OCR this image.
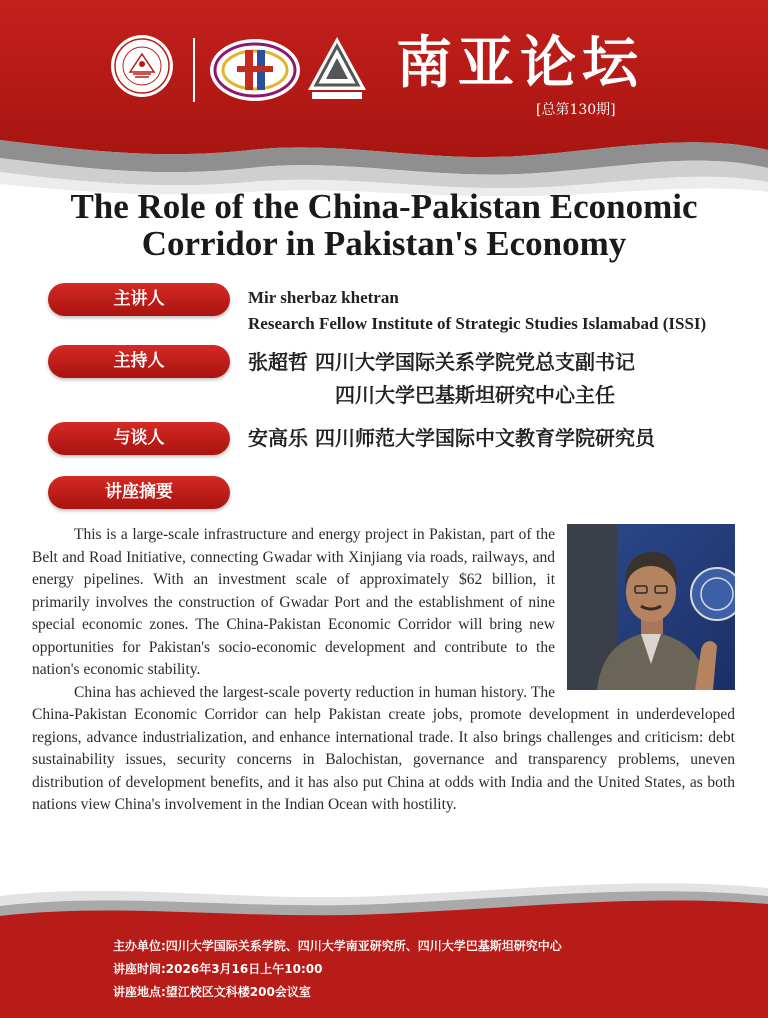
南亚论坛
[总第130期]
The Role of the China-Pakistan Economic
Corridor in Pakistan's Economy
主讲人	Mir sherbaz khetran
Research Fellow Institute of Strategic Studies Islamabad (ISSI)
主持人	张超哲 四川大学国际关系学院党总支副书记
四川大学巴基斯坦研究中心主任
与谈人	安高乐 四川师范大学国际中文教育学院研究员
讲座摘要

This is a large-scale infrastructure and energy project in Pakistan, part of the Belt and Road Initiative, connecting Gwadar with Xinjiang via roads, railways, and energy pipelines. With an investment scale of approximately $62 billion, it primarily involves the construction of Gwadar Port and the establishment of nine special economic zones. The China-Pakistan Economic Corridor will bring new opportunities for Pakistan's socio-economic development and contribute to the nation's economic stability.

China has achieved the largest-scale poverty reduction in human history. The China-Pakistan Economic Corridor can help Pakistan create jobs, promote development in underdeveloped regions, advance industrialization, and enhance international trade. It also brings challenges and criticism: debt sustainability issues, security concerns in Balochistan, governance and transparency problems, uneven distribution of development benefits, and it has also put China at odds with India and the United States, as both nations view China's involvement in the Indian Ocean with hostility.

主办单位:四川大学国际关系学院、四川大学南亚研究所、四川大学巴基斯坦研究中心
讲座时间:2026年3月16日上午10:00
讲座地点:望江校区文科楼200会议室
